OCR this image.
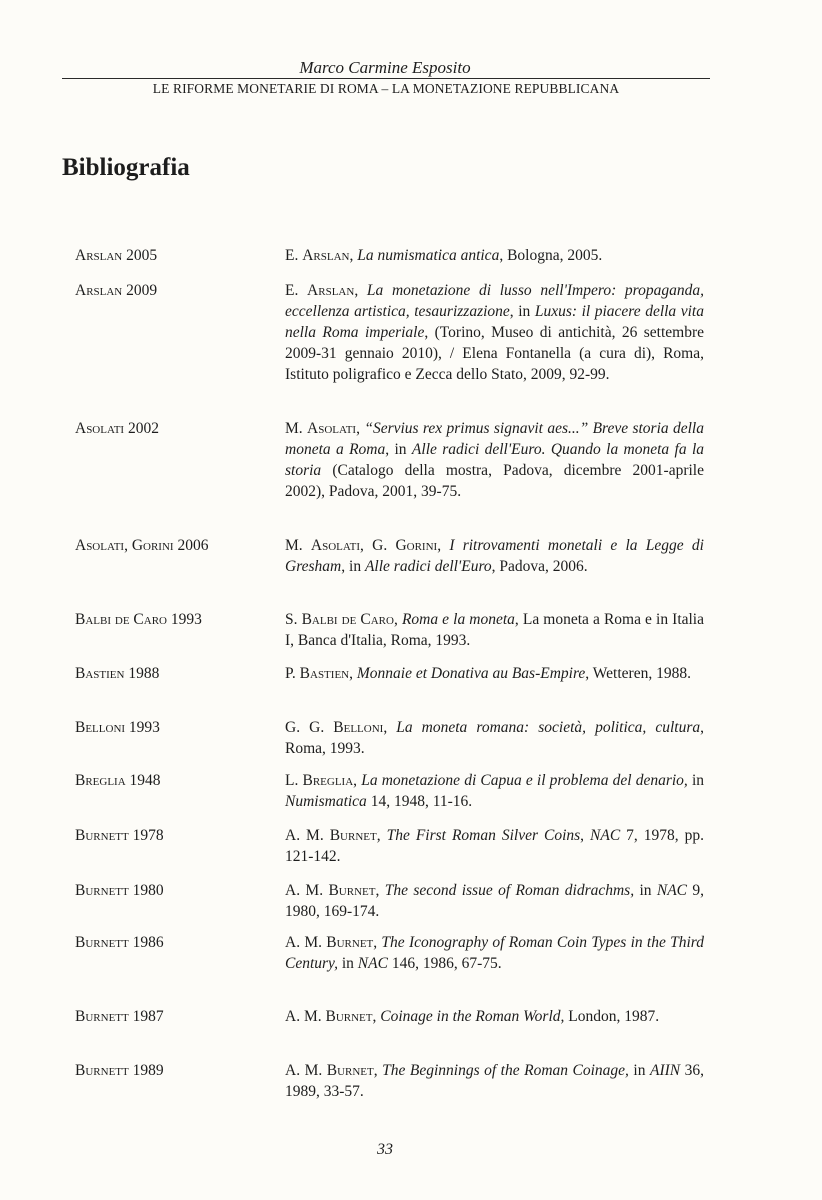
Marco Carmine Esposito
LE RIFORME MONETARIE DI ROMA – LA MONETAZIONE REPUBBLICANA
Bibliografia
Arslan 2005	E. Arslan, La numismatica antica, Bologna, 2005.
Arslan 2009	E. Arslan, La monetazione di lusso nell'Impero: propaganda, eccellenza artistica, tesaurizzazione, in Luxus: il piacere della vita nella Roma imperiale, (Torino, Museo di antichità, 26 settembre 2009-31 gennaio 2010), / Elena Fontanella (a cura di), Roma, Istituto poligrafico e Zecca dello Stato, 2009, 92-99.
Asolati 2002	M. Asolati, “Servius rex primus signavit aes...” Breve storia della moneta a Roma, in Alle radici dell'Euro. Quando la moneta fa la storia (Catalogo della mostra, Padova, dicembre 2001-aprile 2002), Padova, 2001, 39-75.
Asolati, Gorini 2006	M. Asolati, G. Gorini, I ritrovamenti monetali e la Legge di Gresham, in Alle radici dell'Euro, Padova, 2006.
Balbi de Caro 1993	S. Balbi de Caro, Roma e la moneta, La moneta a Roma e in Italia I, Banca d'Italia, Roma, 1993.
Bastien 1988	P. Bastien, Monnaie et Donativa au Bas-Empire, Wetteren, 1988.
Belloni 1993	G. G. Belloni, La moneta romana: società, politica, cultura, Roma, 1993.
Breglia 1948	L. Breglia, La monetazione di Capua e il problema del denario, in Numismatica 14, 1948, 11-16.
Burnett 1978	A. M. Burnet, The First Roman Silver Coins, NAC 7, 1978, pp. 121-142.
Burnett 1980	A. M. Burnet, The second issue of Roman didrachms, in NAC 9, 1980, 169-174.
Burnett 1986	A. M. Burnet, The Iconography of Roman Coin Types in the Third Century, in NAC 146, 1986, 67-75.
Burnett 1987	A. M. Burnet, Coinage in the Roman World, London, 1987.
Burnett 1989	A. M. Burnet, The Beginnings of the Roman Coinage, in AIIN 36, 1989, 33-57.
33
